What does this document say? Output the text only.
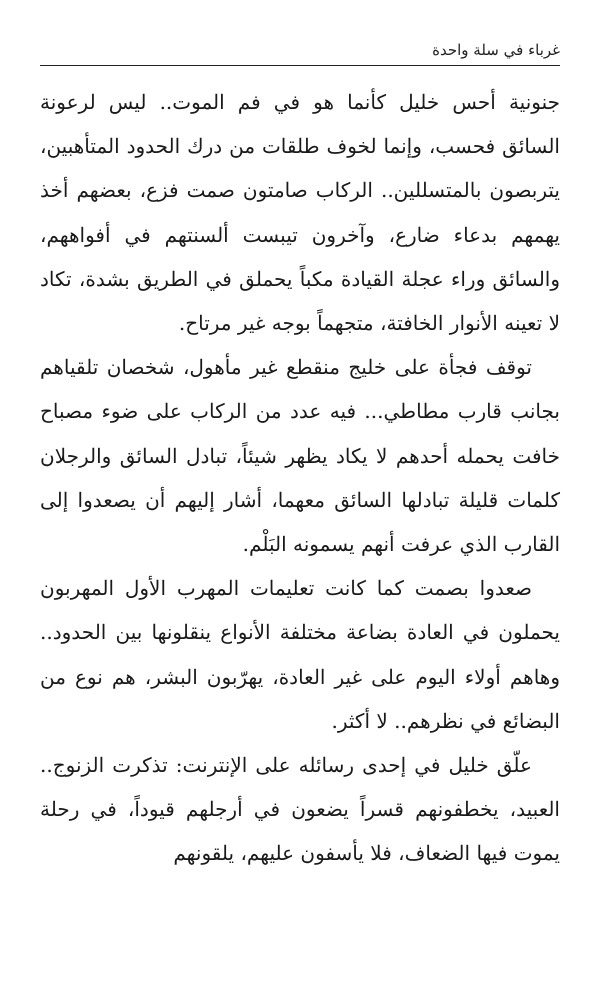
غرباء في سلة واحدة

جنونية أحس خليل كأنما هو في فم الموت.. ليس لرعونة السائق فحسب، وإنما لخوف طلقات من درك الحدود المتأهبين، يتربصون بالمتسللين.. الركاب صامتون صمت فزع، بعضهم أخذ يهمهم بدعاء ضارع، وآخرون تيبست ألسنتهم في أفواههم، والسائق وراء عجلة القيادة مكباً يحملق في الطريق بشدة، تكاد لا تعينه الأنوار الخافتة، متجهماً بوجه غير مرتاح.

توقف فجأة على خليج منقطع غير مأهول، شخصان تلقياهم بجانب قارب مطاطي... فيه عدد من الركاب على ضوء مصباح خافت يحمله أحدهم لا يكاد يظهر شيئاً، تبادل السائق والرجلان كلمات قليلة تبادلها السائق معهما، أشار إليهم أن يصعدوا إلى القارب الذي عرفت أنهم يسمونه البَلْم.

صعدوا بصمت كما كانت تعليمات المهرب الأول المهربون يحملون في العادة بضاعة مختلفة الأنواع ينقلونها بين الحدود.. وهاهم أولاء اليوم على غير العادة، يهرّبون البشر، هم نوع من البضائع في نظرهم.. لا أكثر.

علّق خليل في إحدى رسائله على الإنترنت: تذكرت الزنوج.. العبيد، يخطفونهم قسراً يضعون في أرجلهم قيوداً، في رحلة يموت فيها الضعاف، فلا يأسفون عليهم، يلقونهم
